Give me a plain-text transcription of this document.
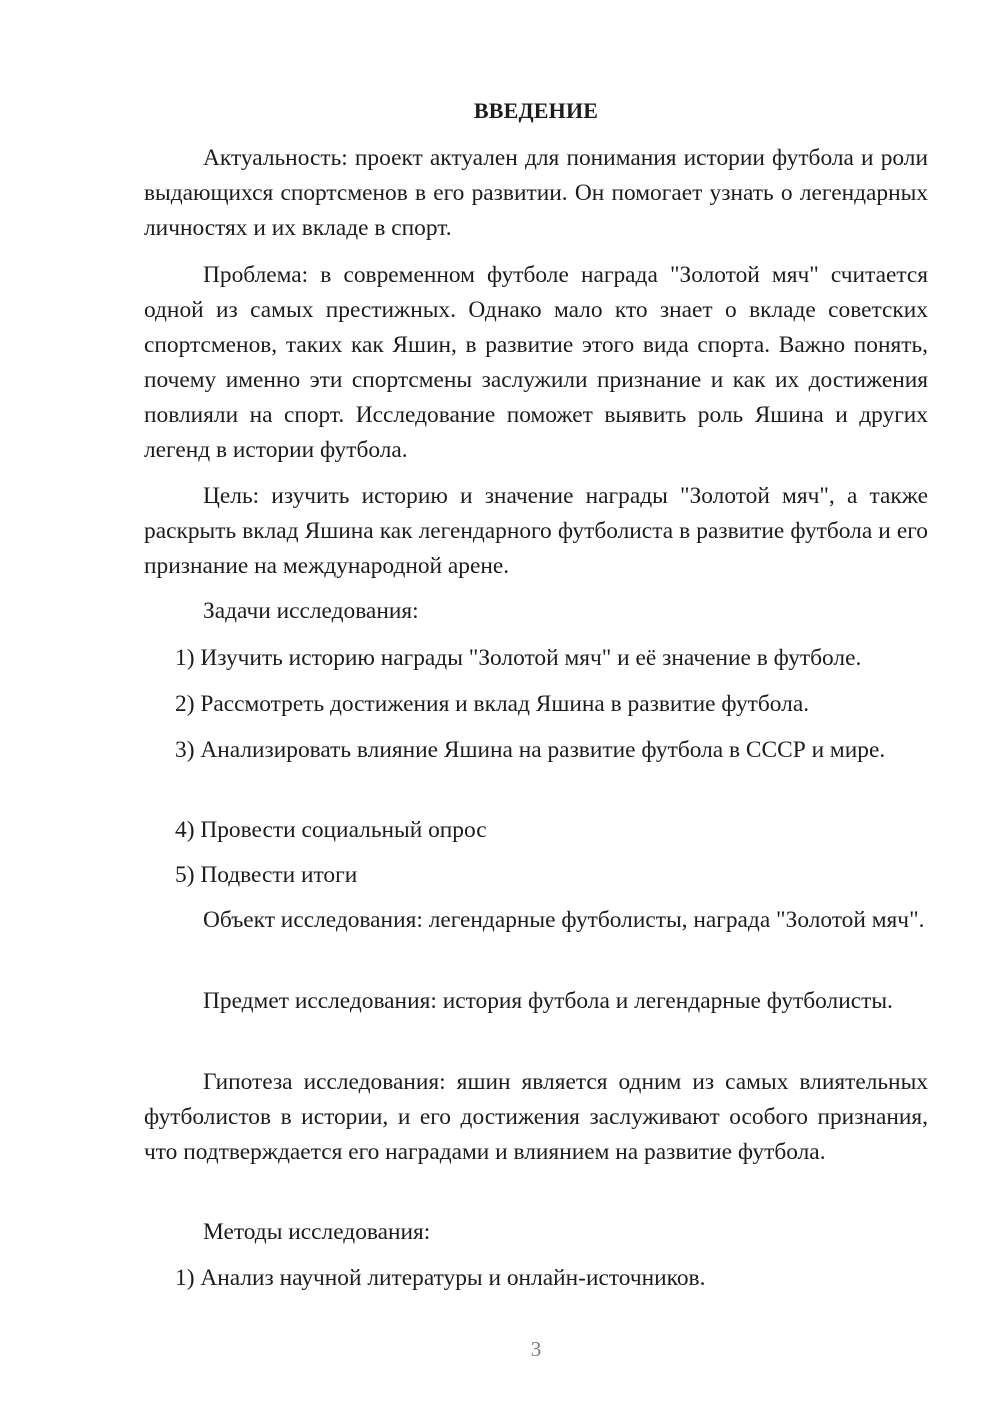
ВВЕДЕНИЕ

Актуальность: проект актуален для понимания истории футбола и роли выдающихся спортсменов в его развитии. Он помогает узнать о легендарных личностях и их вкладе в спорт.

Проблема: в современном футболе награда "Золотой мяч" считается одной из самых престижных. Однако мало кто знает о вкладе советских спортсменов, таких как Яшин, в развитие этого вида спорта. Важно понять, почему именно эти спортсмены заслужили признание и как их достижения повлияли на спорт. Исследование поможет выявить роль Яшина и других легенд в истории футбола.

Цель: изучить историю и значение награды "Золотой мяч", а также раскрыть вклад Яшина как легендарного футболиста в развитие футбола и его признание на международной арене.

Задачи исследования:

1) Изучить историю награды "Золотой мяч" и её значение в футболе.

2) Рассмотреть достижения и вклад Яшина в развитие футбола.

3) Анализировать влияние Яшина на развитие футбола в СССР и мире.

4) Провести социальный опрос

5) Подвести итоги

Объект исследования: легендарные футболисты, награда "Золотой мяч".

Предмет исследования: история футбола и легендарные футболисты.

Гипотеза исследования: яшин является одним из самых влиятельных футболистов в истории, и его достижения заслуживают особого признания, что подтверждается его наградами и влиянием на развитие футбола.

Методы исследования:

1) Анализ научной литературы и онлайн-источников.

3
